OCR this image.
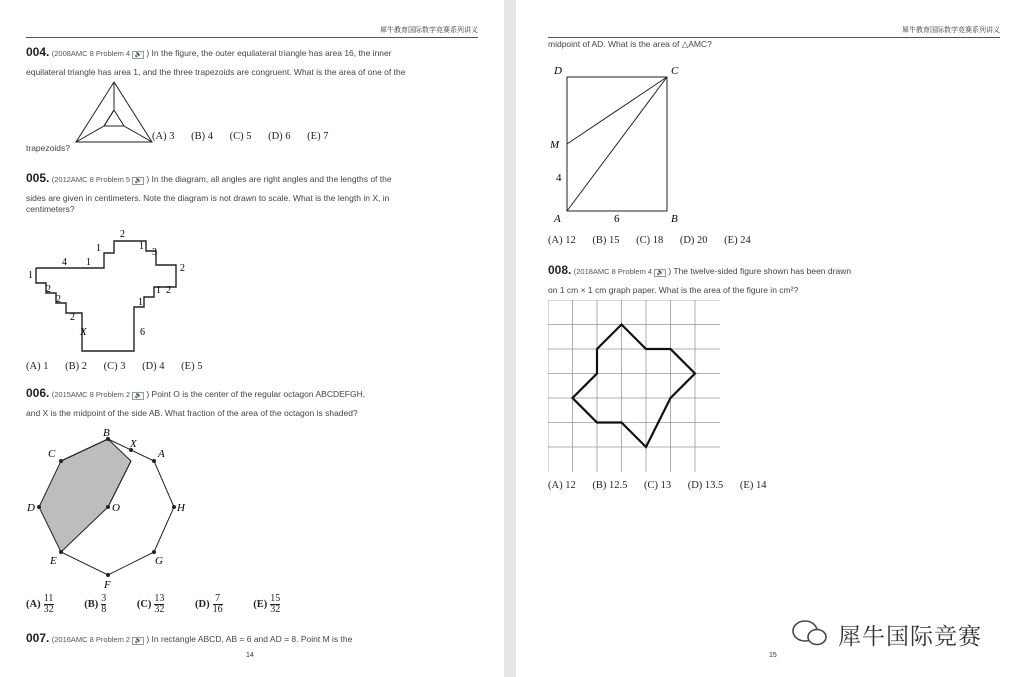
犀牛教育国际数学竞赛系列讲义
004. (2008AMC 8 Problem 4 🔊 ) In the figure, the outer equilateral triangle has area 16, the inner
equilateral triangle has area 1, and the three trapezoids are congruent. What is the area of one of the
trapezoids?
(A) 3 (B) 4 (C) 5 (D) 6 (E) 7
005. (2012AMC 8 Problem 5 🔊 ) In the diagram, all angles are right angles and the lengths of the
sides are given in centimeters. Note the diagram is not drawn to scale. What is the length in X, in
centimeters?
1
4 1
1
2
1
3
2
2
2
1 2
2
1
X	6
(A) 1 (B) 2 (C) 3 (D) 4 (E) 5
006. (2015AMC 8 Problem 2 🔊 ) Point O is the center of the regular octagon ABCDEFGH,
and X is the midpoint of the side AB. What fraction of the area of the octagon is shaded?
A
B
C
D
E
F
G
H
O
X
$(A) \frac{11}{32}$	$(B) \frac{3}{8}$	$(C) \frac{13}{32}$	$(D) \frac{7}{16}$	$(E) \frac{15}{32}$
007. (2016AMC 8 Problem 2 🔊 ) In rectangle ABCD, AB = 6 and AD = 8. Point M is the
14
犀牛教育国际数学竞赛系列讲义
midpoint of AD. What is the area of △AMC?
D	C
M
4
A	6	B
(A) 12 (B) 15 (C) 18 (D) 20 (E) 24
008. (2018AMC 8 Problem 4 🔊 ) The twelve-sided figure shown has been drawn
on 1 cm × 1 cm graph paper. What is the area of the figure in cm²?
(A) 12 (B) 12.5 (C) 13 (D) 13.5 (E) 14
15
犀牛国际竞赛
